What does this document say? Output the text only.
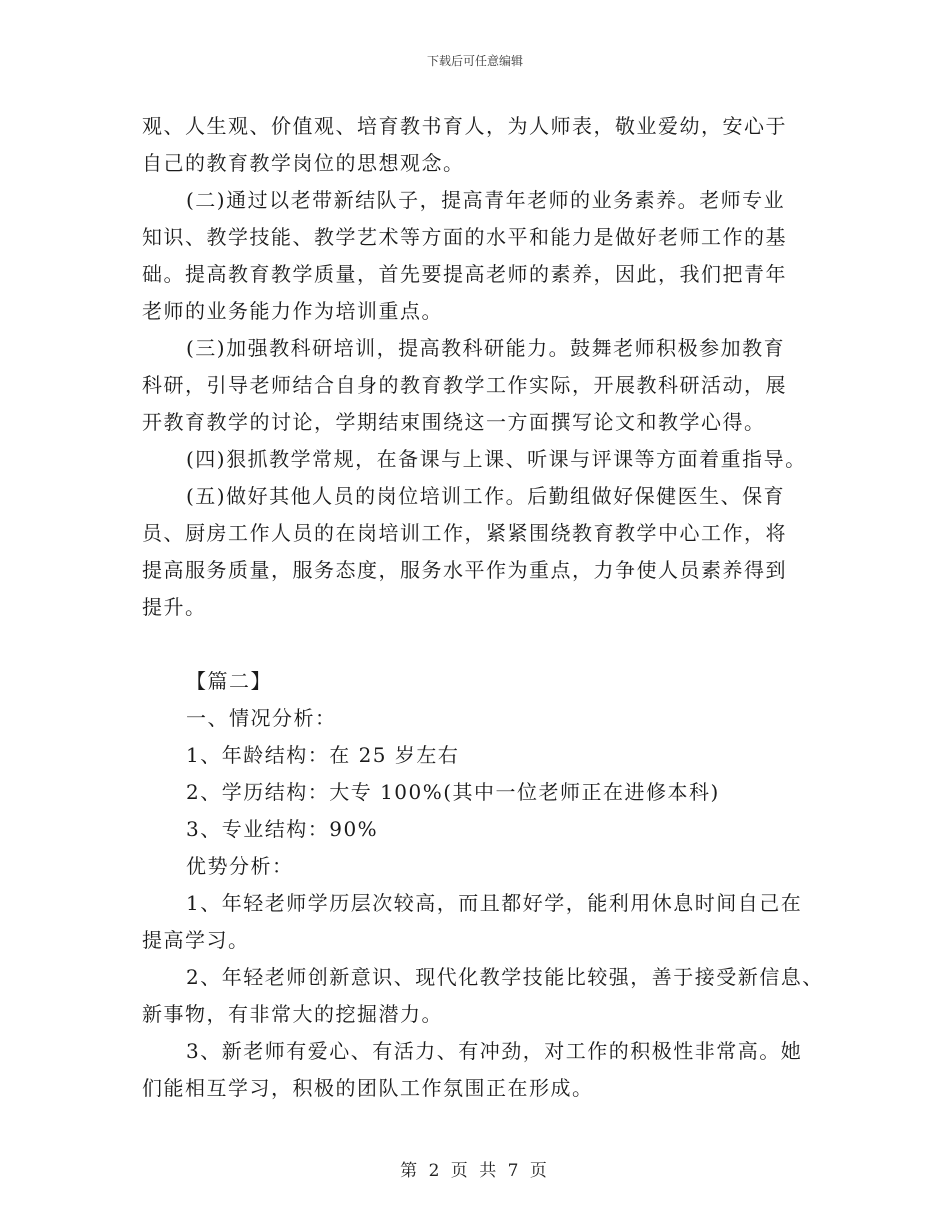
下载后可任意编辑
观、人生观、价值观、培育教书育人，为人师表，敬业爱幼，安心于
自己的教育教学岗位的思想观念。
(二)通过以老带新结队子，提高青年老师的业务素养。老师专业
知识、教学技能、教学艺术等方面的水平和能力是做好老师工作的基
础。提高教育教学质量，首先要提高老师的素养，因此，我们把青年
老师的业务能力作为培训重点。
(三)加强教科研培训，提高教科研能力。鼓舞老师积极参加教育
科研，引导老师结合自身的教育教学工作实际，开展教科研活动，展
开教育教学的讨论，学期结束围绕这一方面撰写论文和教学心得。
(四)狠抓教学常规，在备课与上课、听课与评课等方面着重指导。
(五)做好其他人员的岗位培训工作。后勤组做好保健医生、保育
员、厨房工作人员的在岗培训工作，紧紧围绕教育教学中心工作，将
提高服务质量，服务态度，服务水平作为重点，力争使人员素养得到
提升。
【篇二】
一、情况分析：
1、年龄结构：在 25 岁左右
2、学历结构：大专 100%(其中一位老师正在进修本科)
3、专业结构：90%
优势分析：
1、年轻老师学历层次较高，而且都好学，能利用休息时间自己在
提高学习。
2、年轻老师创新意识、现代化教学技能比较强，善于接受新信息、
新事物，有非常大的挖掘潜力。
3、新老师有爱心、有活力、有冲劲，对工作的积极性非常高。她
们能相互学习，积极的团队工作氛围正在形成。
第 2 页 共 7 页
